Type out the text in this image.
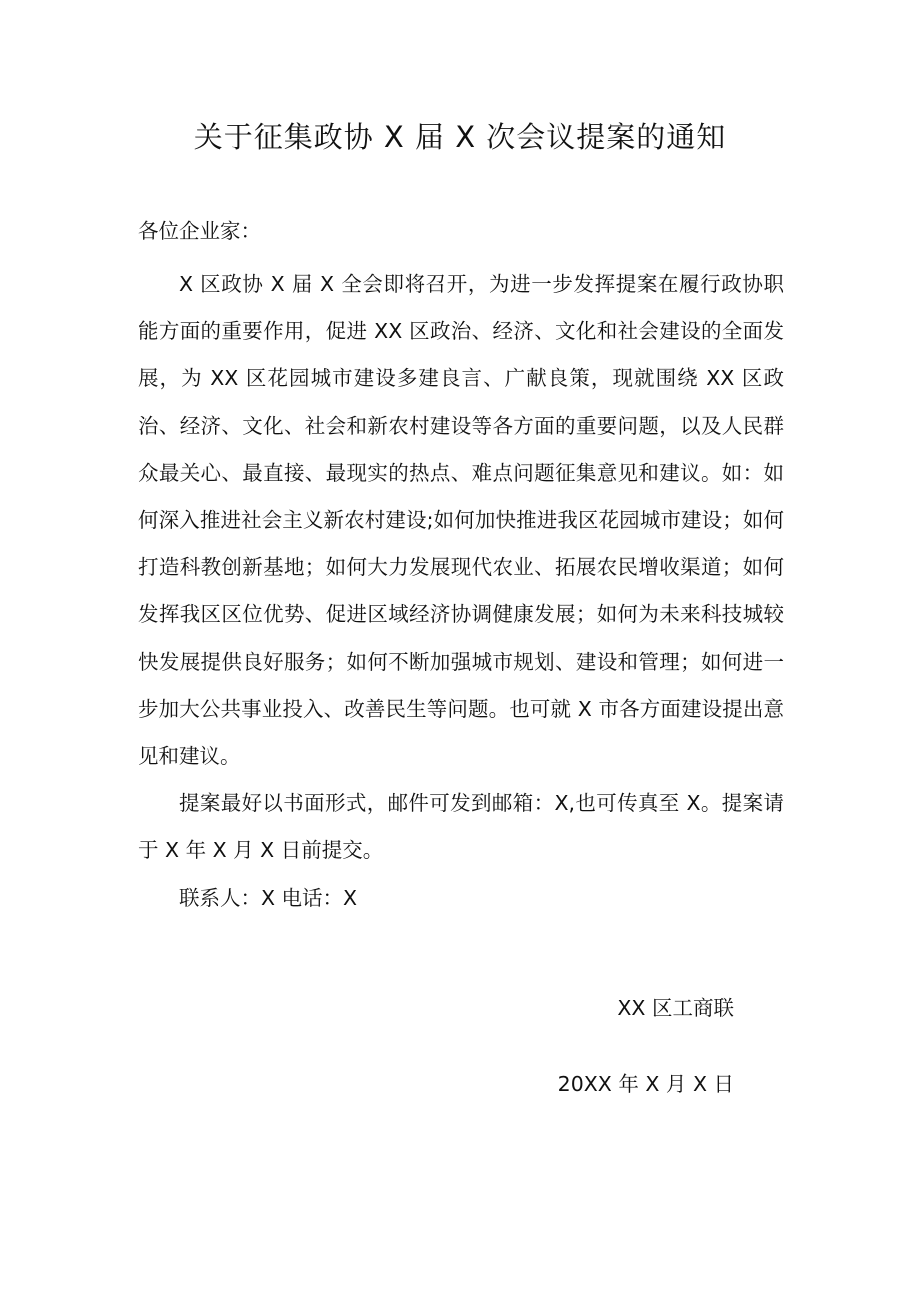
关于征集政协 X 届 X 次会议提案的通知

各位企业家：

X 区政协 X 届 X 全会即将召开，为进一步发挥提案在履行政协职能方面的重要作用，促进 XX 区政治、经济、文化和社会建设的全面发展，为 XX 区花园城市建设多建良言、广献良策，现就围绕 XX 区政治、经济、文化、社会和新农村建设等各方面的重要问题，以及人民群众最关心、最直接、最现实的热点、难点问题征集意见和建议。如：如何深入推进社会主义新农村建设;如何加快推进我区花园城市建设；如何打造科教创新基地；如何大力发展现代农业、拓展农民增收渠道；如何发挥我区区位优势、促进区域经济协调健康发展；如何为未来科技城较快发展提供良好服务；如何不断加强城市规划、建设和管理；如何进一步加大公共事业投入、改善民生等问题。也可就 X 市各方面建设提出意见和建议。

提案最好以书面形式，邮件可发到邮箱：X,也可传真至 X。提案请于 X 年 X 月 X 日前提交。

联系人：X 电话：X

XX 区工商联

20XX 年 X 月 X 日
